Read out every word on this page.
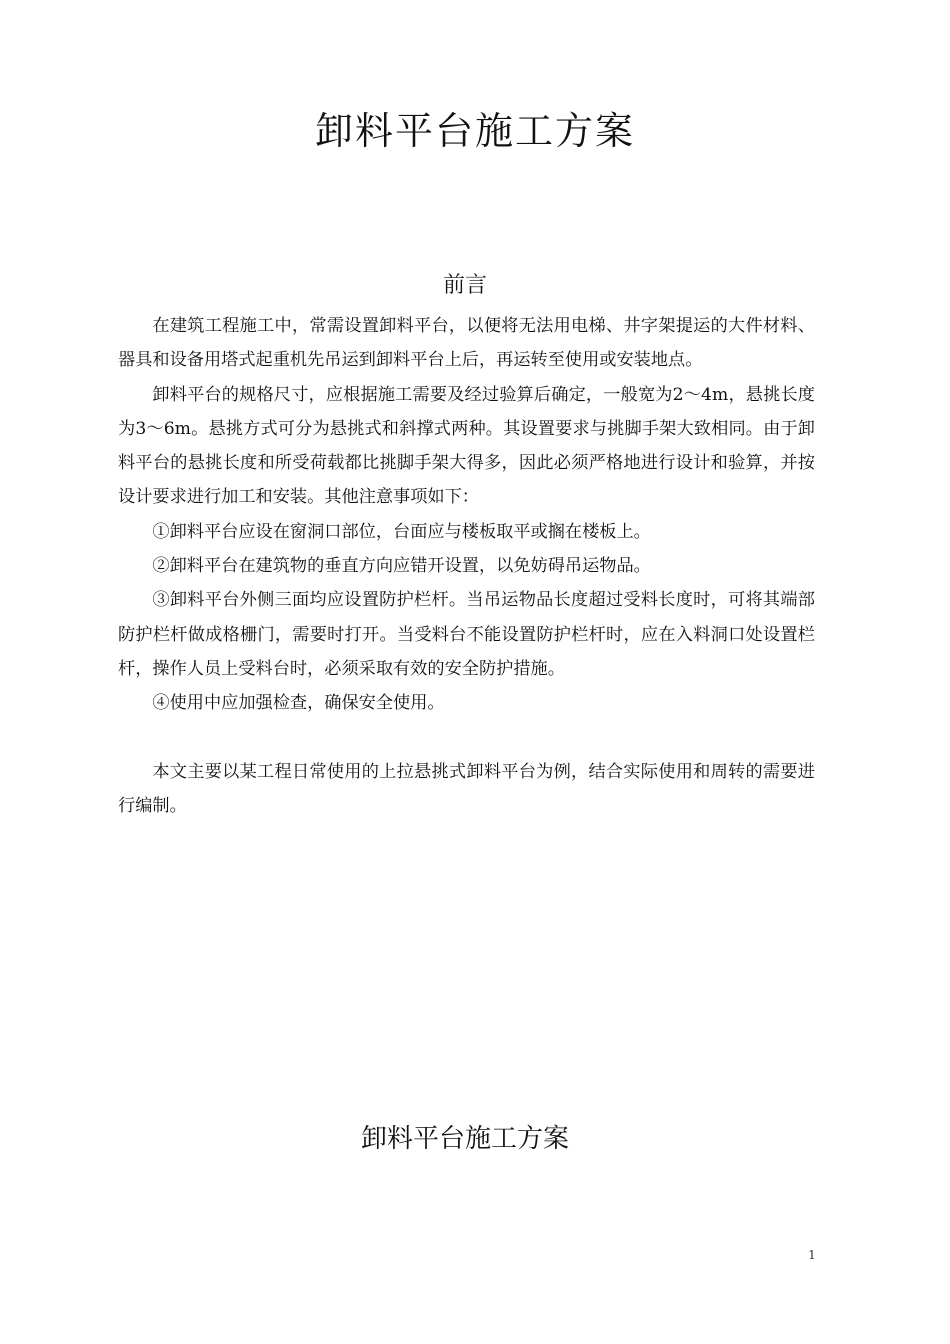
卸料平台施工方案
前言

在建筑工程施工中，常需设置卸料平台，以便将无法用电梯、井字架提运的大件材料、器具和设备用塔式起重机先吊运到卸料平台上后，再运转至使用或安装地点。

卸料平台的规格尺寸，应根据施工需要及经过验算后确定，一般宽为2～4m，悬挑长度为3～6m。悬挑方式可分为悬挑式和斜撑式两种。其设置要求与挑脚手架大致相同。由于卸料平台的悬挑长度和所受荷载都比挑脚手架大得多，因此必须严格地进行设计和验算，并按设计要求进行加工和安装。其他注意事项如下：

①卸料平台应设在窗洞口部位，台面应与楼板取平或搁在楼板上。

②卸料平台在建筑物的垂直方向应错开设置，以免妨碍吊运物品。

③卸料平台外侧三面均应设置防护栏杆。当吊运物品长度超过受料长度时，可将其端部防护栏杆做成格栅门，需要时打开。当受料台不能设置防护栏杆时，应在入料洞口处设置栏杆，操作人员上受料台时，必须采取有效的安全防护措施。

④使用中应加强检查，确保安全使用。

本文主要以某工程日常使用的上拉悬挑式卸料平台为例，结合实际使用和周转的需要进行编制。

卸料平台施工方案
1
